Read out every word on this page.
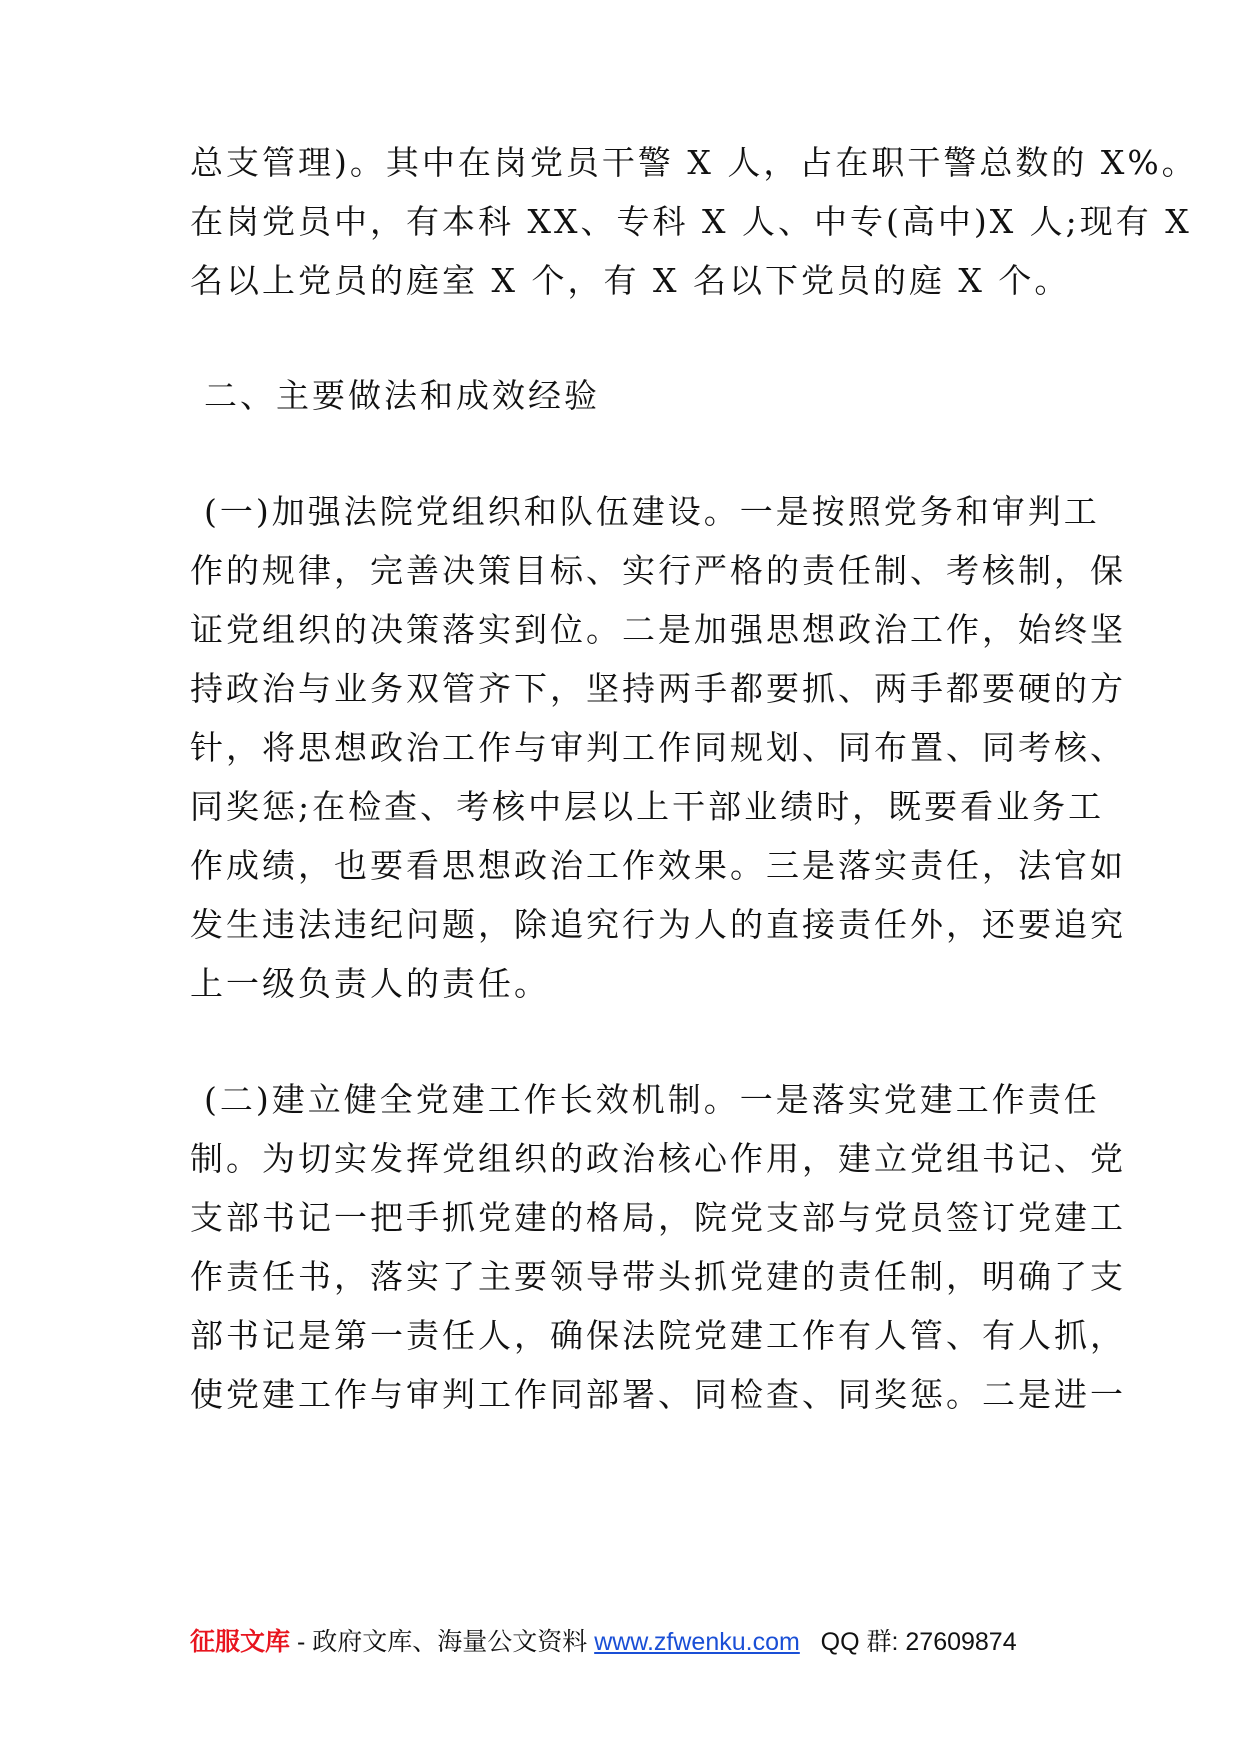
总支管理)。其中在岗党员干警 X 人，占在职干警总数的 X%。
在岗党员中，有本科 XX、专科 X 人、中专(高中)X 人;现有 X
名以上党员的庭室 X 个，有 X 名以下党员的庭 X 个。
二、主要做法和成效经验
(一)加强法院党组织和队伍建设。一是按照党务和审判工
作的规律，完善决策目标、实行严格的责任制、考核制，保
证党组织的决策落实到位。二是加强思想政治工作，始终坚
持政治与业务双管齐下，坚持两手都要抓、两手都要硬的方
针，将思想政治工作与审判工作同规划、同布置、同考核、
同奖惩;在检查、考核中层以上干部业绩时，既要看业务工
作成绩，也要看思想政治工作效果。三是落实责任，法官如
发生违法违纪问题，除追究行为人的直接责任外，还要追究
上一级负责人的责任。
(二)建立健全党建工作长效机制。一是落实党建工作责任
制。为切实发挥党组织的政治核心作用，建立党组书记、党
支部书记一把手抓党建的格局，院党支部与党员签订党建工
作责任书，落实了主要领导带头抓党建的责任制，明确了支
部书记是第一责任人，确保法院党建工作有人管、有人抓，
使党建工作与审判工作同部署、同检查、同奖惩。二是进一
征服文库 - 政府文库、海量公文资料 www.zfwenku.com QQ 群: 27609874
